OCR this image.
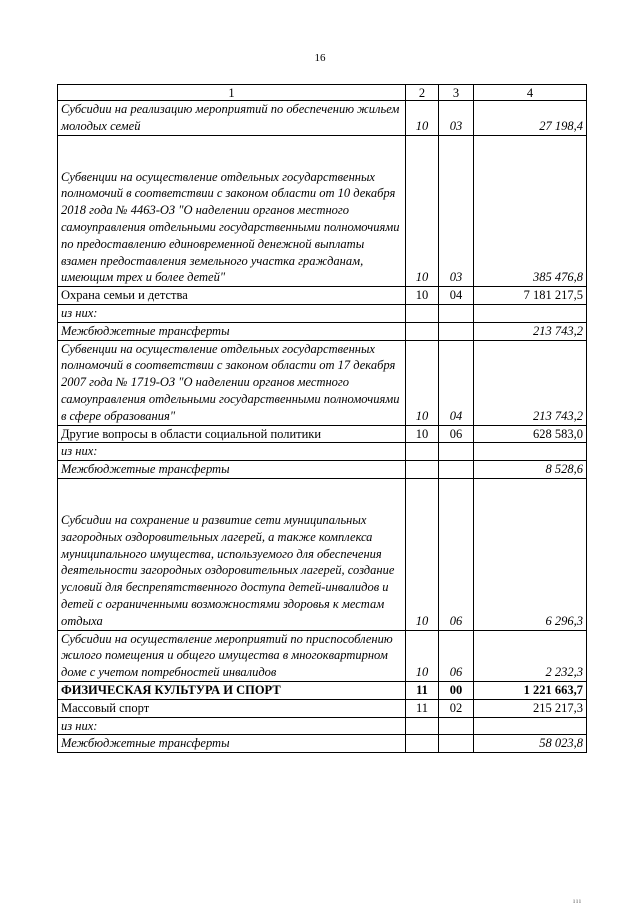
16
1	2	3	4
Субсидии на реализацию мероприятий по обеспечению жильем молодых семей	10	03	27 198,4
Субвенции на осуществление отдельных государственных полномочий в соответствии с законом области от 10 декабря 2018 года № 4463-ОЗ "О наделении органов местного самоуправления отдельными государственными полномочиями по предоставлению единовременной денежной выплаты взамен предоставления земельного участка гражданам, имеющим трех и более детей"	10	03	385 476,8
Охрана семьи и детства	10	04	7 181 217,5
из них:			
Межбюджетные трансферты			213 743,2
Субвенции на осуществление отдельных государственных полномочий в соответствии с законом области от 17 декабря 2007 года № 1719-ОЗ "О наделении органов местного самоуправления отдельными государственными полномочиями в сфере образования"	10	04	213 743,2
Другие вопросы в области социальной политики	10	06	628 583,0
из них:			
Межбюджетные трансферты			8 528,6
Субсидии на сохранение и развитие сети муниципальных загородных оздоровительных лагерей, а также комплекса муниципального имущества, используемого для обеспечения деятельности загородных оздоровительных лагерей, создание условий для беспрепятственного доступа детей-инвалидов и детей с ограниченными возможностями здоровья к местам отдыха	10	06	6 296,3
Субсидии на осуществление мероприятий по приспособлению жилого помещения и общего имущества в многоквартирном доме с учетом потребностей инвалидов	10	06	2 232,3
ФИЗИЧЕСКАЯ КУЛЬТУРА И СПОРТ	11	00	1 221 663,7
Массовый спорт	11	02	215 217,3
из них:			
Межбюджетные трансферты			58 023,8
ııı
